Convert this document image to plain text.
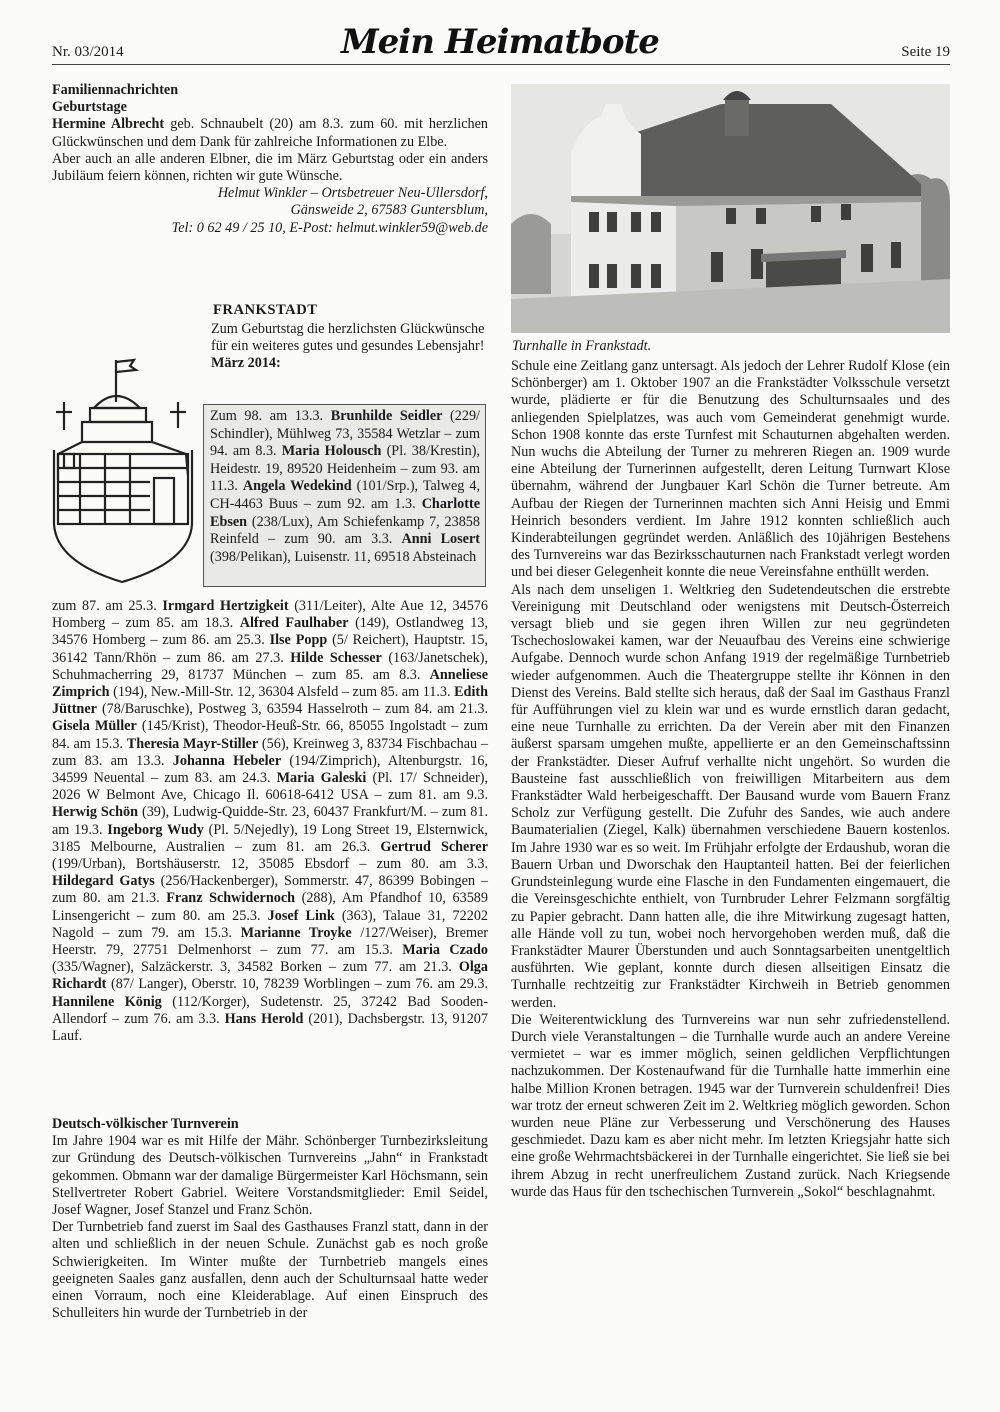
Nr. 03/2014	Mein Heimatbote	Seite 19

Familiennachrichten

Geburtstage

Hermine Albrecht geb. Schnaubelt (20) am 8.3. zum 60. mit herzlichen Glückwünschen und dem Dank für zahlreiche Informationen zu Elbe.

Aber auch an alle anderen Elbner, die im März Geburtstag oder ein anders Jubiläum feiern können, richten wir gute Wünsche.

Helmut Winkler – Ortsbetreuer Neu-Ullersdorf,

Gänsweide 2, 67583 Guntersblum,

Tel: 0 62 49 / 25 10, E-Post: helmut.winkler59@web.de

FRANKSTADT

Zum Geburtstag die herzlichsten Glückwünsche für ein weiteres gutes und gesundes Lebensjahr!
März 2014:

Zum 98. am 13.3. Brunhilde Seidler (229/ Schindler), Mühlweg 73, 35584 Wetzlar – zum 94. am 8.3. Maria Holousch (Pl. 38/Krestin), Heidestr. 19, 89520 Heidenheim – zum 93. am 11.3. Angela Wedekind (101/Srp.), Talweg 4, CH-4463 Buus – zum 92. am 1.3. Charlotte Ebsen (238/Lux), Am Schiefenkamp 7, 23858 Reinfeld – zum 90. am 3.3. Anni Losert (398/Pelikan), Luisenstr. 11, 69518 Absteinach
zum 87. am 25.3. Irmgard Hertzigkeit (311/Leiter), Alte Aue 12, 34576 Homberg – zum 85. am 18.3. Alfred Faulhaber (149), Ostlandweg 13, 34576 Homberg – zum 86. am 25.3. Ilse Popp (5/ Reichert), Hauptstr. 15, 36142 Tann/Rhön – zum 86. am 27.3. Hilde Schesser (163/Janetschek), Schuhmacherring 29, 81737 München – zum 85. am 8.3. Anneliese Zimprich (194), New.-Mill-Str. 12, 36304 Alsfeld – zum 85. am 11.3. Edith Jüttner (78/Baruschke), Postweg 3, 63594 Hasselroth – zum 84. am 21.3. Gisela Müller (145/Krist), Theodor-Heuß-Str. 66, 85055 Ingolstadt – zum 84. am 15.3. Theresia Mayr-Stiller (56), Kreinweg 3, 83734 Fischbachau – zum 83. am 13.3. Johanna Hebeler (194/Zimprich), Altenburgstr. 16, 34599 Neuental – zum 83. am 24.3. Maria Galeski (Pl. 17/ Schneider), 2026 W Belmont Ave, Chicago Il. 60618-6412 USA – zum 81. am 9.3. Herwig Schön (39), Ludwig-Quidde-Str. 23, 60437 Frankfurt/M. – zum 81. am 19.3. Ingeborg Wudy (Pl. 5/Nejedly), 19 Long Street 19, Elsternwick, 3185 Melbourne, Australien – zum 81. am 26.3. Gertrud Scherer (199/Urban), Bortshäuserstr. 12, 35085 Ebsdorf – zum 80. am 3.3. Hildegard Gatys (256/Hackenberger), Sommerstr. 47, 86399 Bobingen – zum 80. am 21.3. Franz Schwidernoch (288), Am Pfandhof 10, 63589 Linsengericht – zum 80. am 25.3. Josef Link (363), Talaue 31, 72202 Nagold – zum 79. am 15.3. Marianne Troyke /127/Weiser), Bremer Heerstr. 79, 27751 Delmenhorst – zum 77. am 15.3. Maria Czado (335/Wagner), Salzäckerstr. 3, 34582 Borken – zum 77. am 21.3. Olga Richardt (87/ Langer), Oberstr. 10, 78239 Worblingen – zum 76. am 29.3. Hannilene König (112/Korger), Sudetenstr. 25, 37242 Bad Sooden-Allendorf – zum 76. am 3.3. Hans Herold (201), Dachsbergstr. 13, 91207 Lauf.

Deutsch-völkischer Turnverein

Im Jahre 1904 war es mit Hilfe der Mähr. Schönberger Turnbezirksleitung zur Gründung des Deutsch-völkischen Turnvereins „Jahn“ in Frankstadt gekommen. Obmann war der damalige Bürgermeister Karl Höchsmann, sein Stellvertreter Robert Gabriel. Weitere Vorstandsmitglieder: Emil Seidel, Josef Wagner, Josef Stanzel und Franz Schön.

Der Turnbetrieb fand zuerst im Saal des Gasthauses Franzl statt, dann in der alten und schließlich in der neuen Schule. Zunächst gab es noch große Schwierigkeiten. Im Winter mußte der Turnbetrieb mangels eines geeigneten Saales ganz ausfallen, denn auch der Schulturnsaal hatte weder einen Vorraum, noch eine Kleiderablage. Auf einen Einspruch des Schulleiters hin wurde der Turnbetrieb in der

Turnhalle in Frankstadt.

Schule eine Zeitlang ganz untersagt. Als jedoch der Lehrer Rudolf Klose (ein Schönberger) am 1. Oktober 1907 an die Frankstädter Volksschule versetzt wurde, plädierte er für die Benutzung des Schulturnsaales und des anliegenden Spielplatzes, was auch vom Gemeinderat genehmigt wurde. Schon 1908 konnte das erste Turnfest mit Schauturnen abgehalten werden. Nun wuchs die Abteilung der Turner zu mehreren Riegen an. 1909 wurde eine Abteilung der Turnerinnen aufgestellt, deren Leitung Turnwart Klose übernahm, während der Jungbauer Karl Schön die Turner betreute. Am Aufbau der Riegen der Turnerinnen machten sich Anni Heisig und Emmi Heinrich besonders verdient. Im Jahre 1912 konnten schließlich auch Kinderabteilungen gegründet werden. Anläßlich des 10jährigen Bestehens des Turnvereins war das Bezirksschauturnen nach Frankstadt verlegt worden und bei dieser Gelegenheit konnte die neue Vereinsfahne enthüllt werden.

Als nach dem unseligen 1. Weltkrieg den Sudetendeutschen die erstrebte Vereinigung mit Deutschland oder wenigstens mit Deutsch-Österreich versagt blieb und sie gegen ihren Willen zur neu gegründeten Tschechoslowakei kamen, war der Neuaufbau des Vereins eine schwierige Aufgabe. Dennoch wurde schon Anfang 1919 der regelmäßige Turnbetrieb wieder aufgenommen. Auch die Theatergruppe stellte ihr Können in den Dienst des Vereins. Bald stellte sich heraus, daß der Saal im Gasthaus Franzl für Aufführungen viel zu klein war und es wurde ernstlich daran gedacht, eine neue Turnhalle zu errichten. Da der Verein aber mit den Finanzen äußerst sparsam umgehen mußte, appellierte er an den Gemeinschaftssinn der Frankstädter. Dieser Aufruf verhallte nicht ungehört. So wurden die Bausteine fast ausschließlich von freiwilligen Mitarbeitern aus dem Frankstädter Wald herbeigeschafft. Der Bausand wurde vom Bauern Franz Scholz zur Verfügung gestellt. Die Zufuhr des Sandes, wie auch andere Baumaterialien (Ziegel, Kalk) übernahmen verschiedene Bauern kostenlos. Im Jahre 1930 war es so weit. Im Frühjahr erfolgte der Erdaushub, woran die Bauern Urban und Dworschak den Hauptanteil hatten. Bei der feierlichen Grundsteinlegung wurde eine Flasche in den Fundamenten eingemauert, die die Vereinsgeschichte enthielt, von Turnbruder Lehrer Felzmann sorgfältig zu Papier gebracht. Dann hatten alle, die ihre Mitwirkung zugesagt hatten, alle Hände voll zu tun, wobei noch hervorgehoben werden muß, daß die Frankstädter Maurer Überstunden und auch Sonntagsarbeiten unentgeltlich ausführten. Wie geplant, konnte durch diesen allseitigen Einsatz die Turnhalle rechtzeitig zur Frankstädter Kirchweih in Betrieb genommen werden.

Die Weiterentwicklung des Turnvereins war nun sehr zufriedenstellend. Durch viele Veranstaltungen – die Turnhalle wurde auch an andere Vereine vermietet – war es immer möglich, seinen geldlichen Verpflichtungen nachzukommen. Der Kostenaufwand für die Turnhalle hatte immerhin eine halbe Million Kronen betragen. 1945 war der Turnverein schuldenfrei! Dies war trotz der erneut schweren Zeit im 2. Weltkrieg möglich geworden. Schon wurden neue Pläne zur Verbesserung und Verschönerung des Hauses geschmiedet. Dazu kam es aber nicht mehr. Im letzten Kriegsjahr hatte sich eine große Wehrmachtsbäckerei in der Turnhalle eingerichtet. Sie ließ sie bei ihrem Abzug in recht unerfreulichem Zustand zurück. Nach Kriegsende wurde das Haus für den tschechischen Turnverein „Sokol“ beschlagnahmt.
